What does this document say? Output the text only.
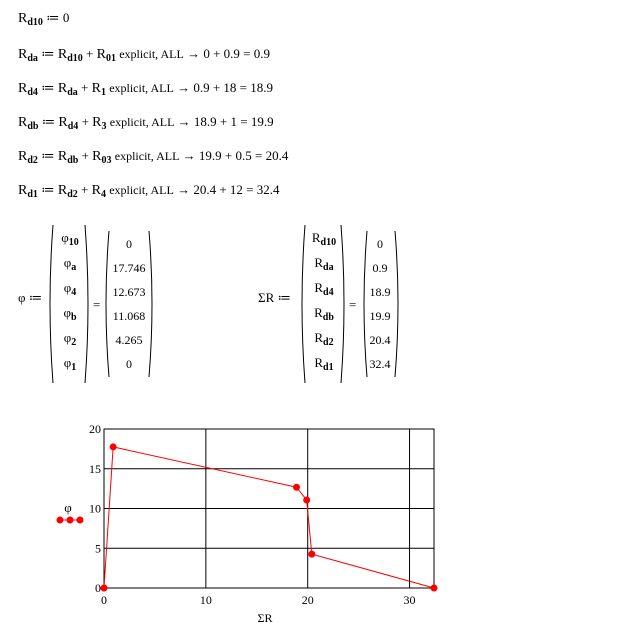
$R_{d10}$ ≔ 0
$R_{da}$ ≔ $R_{d10} + R_{01}$ explicit, ALL → 0 + 0.9 = 0.9
$R_{d4}$ ≔ $R_{da} + R_1$ explicit, ALL → 0.9 + 18 = 18.9
$R_{db}$ ≔ $R_{d4} + R_3$ explicit, ALL → 18.9 + 1 = 19.9
$R_{d2}$ ≔ $R_{db} + R_{03}$ explicit, ALL → 19.9 + 0.5 = 20.4
$R_{d1}$ ≔ $R_{d2} + R_4$ explicit, ALL → 20.4 + 12 = 32.4
φ ≔
$\varphi_{10}$
$\varphi_a$
$\varphi_4$
$\varphi_b$
$\varphi_2$
$\varphi_1$
=
0
17.746
12.673
11.068
4.265
0
ΣR ≔
$R_{d10}$
$R_{da}$
$R_{d4}$
$R_{db}$
$R_{d2}$
$R_{d1}$
=
0
0.9
18.9
19.9
20.4
32.4
0
5
10
15
20
0	10	20	30
ΣR
φ
